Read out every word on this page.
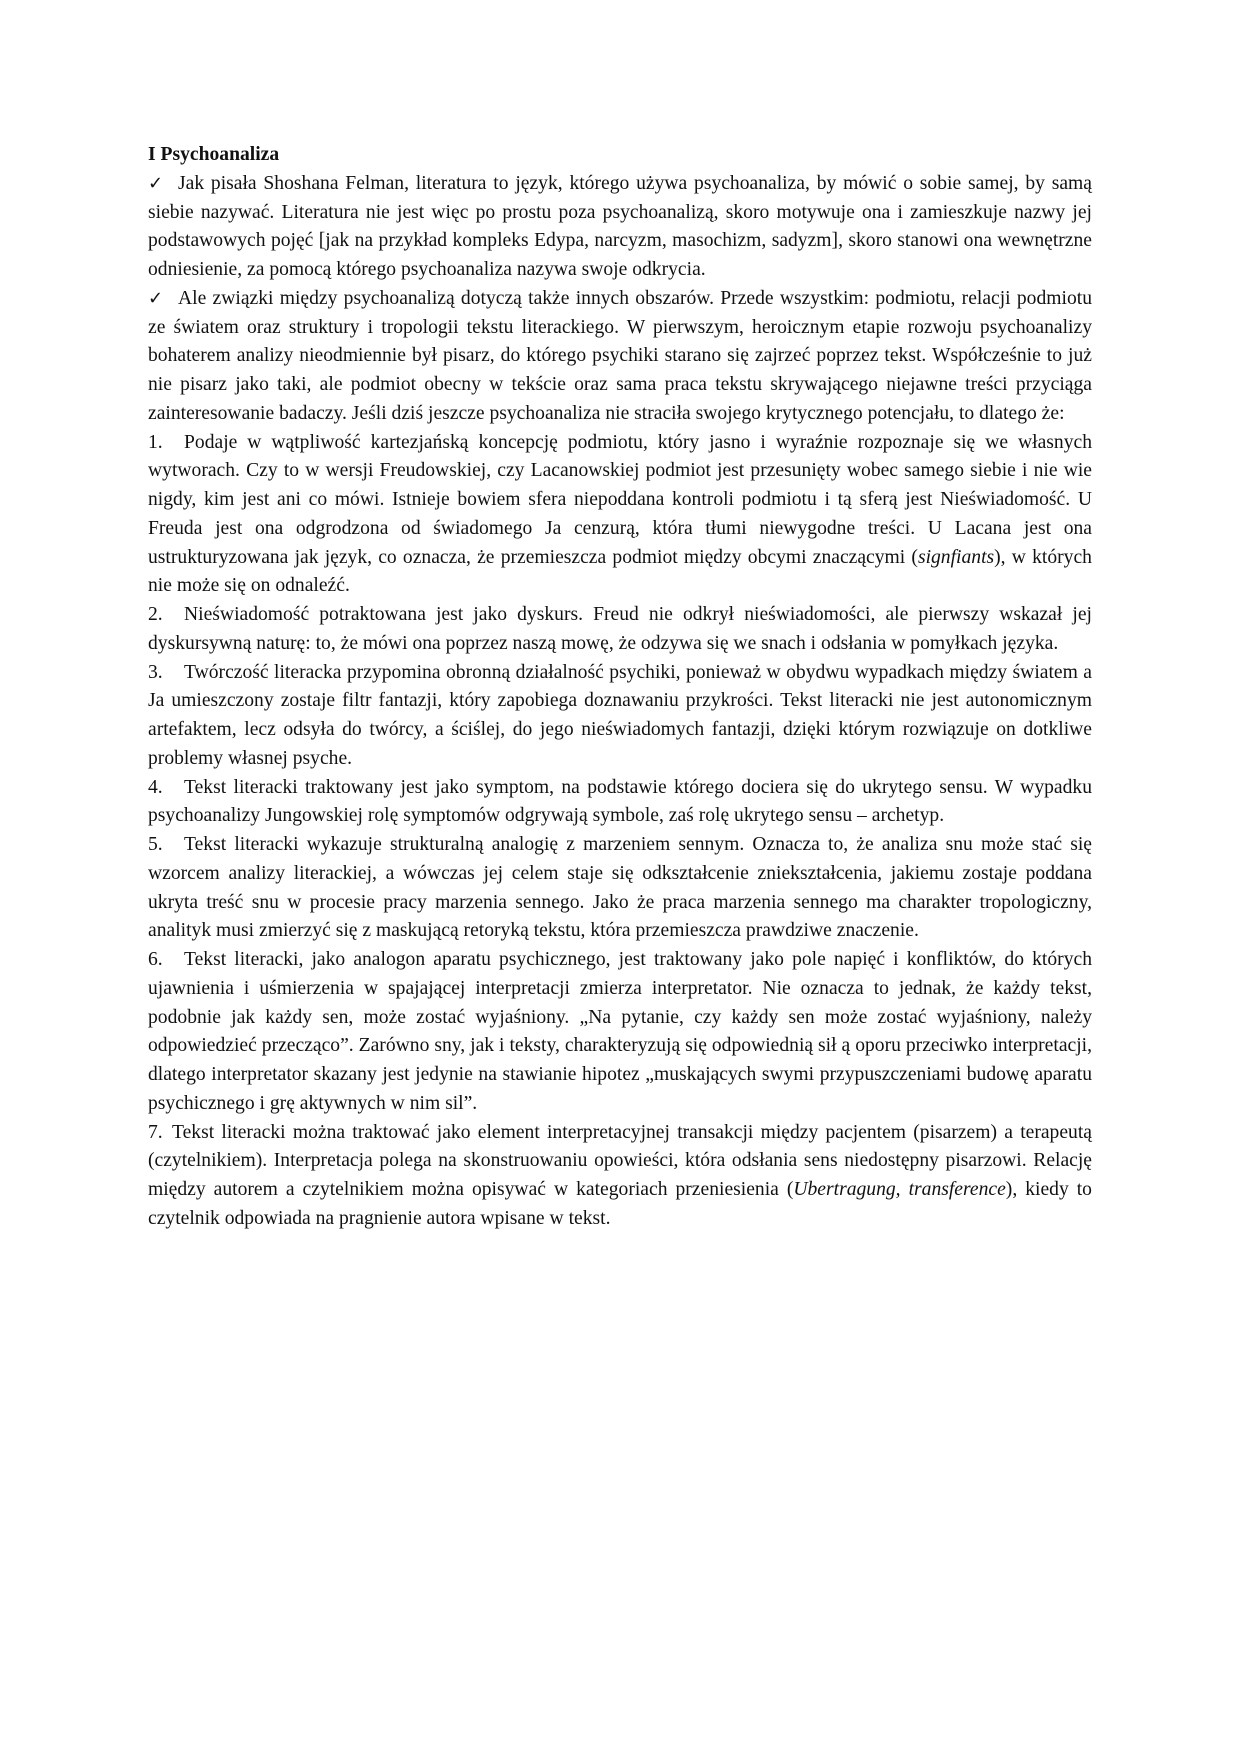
I Psychoanaliza

✓ Jak pisała Shoshana Felman, literatura to język, którego używa psychoanaliza, by mówić o sobie samej, by samą siebie nazywać. Literatura nie jest więc po prostu poza psychoanalizą, skoro motywuje ona i zamieszkuje nazwy jej podstawowych pojęć [jak na przykład kompleks Edypa, narcyzm, masochizm, sadyzm], skoro stanowi ona wewnętrzne odniesienie, za pomocą którego psychoanaliza nazywa swoje odkrycia.

✓ Ale związki między psychoanalizą dotyczą także innych obszarów. Przede wszystkim: podmiotu, relacji podmiotu ze światem oraz struktury i tropologii tekstu literackiego. W pierwszym, heroicznym etapie rozwoju psychoanalizy bohaterem analizy nieodmiennie był pisarz, do którego psychiki starano się zajrzeć poprzez tekst. Współcześnie to już nie pisarz jako taki, ale podmiot obecny w tekście oraz sama praca tekstu skrywającego niejawne treści przyciąga zainteresowanie badaczy. Jeśli dziś jeszcze psychoanaliza nie straciła swojego krytycznego potencjału, to dlatego że:

1. Podaje w wątpliwość kartezjańską koncepcję podmiotu, który jasno i wyraźnie rozpoznaje się we własnych wytworach. Czy to w wersji Freudowskiej, czy Lacanowskiej podmiot jest przesunięty wobec samego siebie i nie wie nigdy, kim jest ani co mówi. Istnieje bowiem sfera niepoddana kontroli podmiotu i tą sferą jest Nieświadomość. U Freuda jest ona odgrodzona od świadomego Ja cenzurą, która tłumi niewygodne treści. U Lacana jest ona ustrukturyzowana jak język, co oznacza, że przemieszcza podmiot między obcymi znaczącymi (signfiants), w których nie może się on odnaleźć.

2. Nieświadomość potraktowana jest jako dyskurs. Freud nie odkrył nieświadomości, ale pierwszy wskazał jej dyskursywną naturę: to, że mówi ona poprzez naszą mowę, że odzywa się we snach i odsłania w pomyłkach języka.

3. Twórczość literacka przypomina obronną działalność psychiki, ponieważ w obydwu wypadkach między światem a Ja umieszczony zostaje filtr fantazji, który zapobiega doznawaniu przykrości. Tekst literacki nie jest autonomicznym artefaktem, lecz odsyła do twórcy, a ściślej, do jego nieświadomych fantazji, dzięki którym rozwiązuje on dotkliwe problemy własnej psyche.

4. Tekst literacki traktowany jest jako symptom, na podstawie którego dociera się do ukrytego sensu. W wypadku psychoanalizy Jungowskiej rolę symptomów odgrywają symbole, zaś rolę ukrytego sensu – archetyp.

5. Tekst literacki wykazuje strukturalną analogię z marzeniem sennym. Oznacza to, że analiza snu może stać się wzorcem analizy literackiej, a wówczas jej celem staje się odkształcenie zniekształcenia, jakiemu zostaje poddana ukryta treść snu w procesie pracy marzenia sennego. Jako że praca marzenia sennego ma charakter tropologiczny, analityk musi zmierzyć się z maskującą retoryką tekstu, która przemieszcza prawdziwe znaczenie.

6. Tekst literacki, jako analogon aparatu psychicznego, jest traktowany jako pole napięć i konfliktów, do których ujawnienia i uśmierzenia w spajającej interpretacji zmierza interpretator. Nie oznacza to jednak, że każdy tekst, podobnie jak każdy sen, może zostać wyjaśniony. „Na pytanie, czy każdy sen może zostać wyjaśniony, należy odpowiedzieć przecząco”. Zarówno sny, jak i teksty, charakteryzują się odpowiednią sił ą oporu przeciwko interpretacji, dlatego interpretator skazany jest jedynie na stawianie hipotez „muskających swymi przypuszczeniami budowę aparatu psychicznego i grę aktywnych w nim sil”.

7. Tekst literacki można traktować jako element interpretacyjnej transakcji między pacjentem (pisarzem) a terapeutą (czytelnikiem). Interpretacja polega na skonstruowaniu opowieści, która odsłania sens niedostępny pisarzowi. Relację między autorem a czytelnikiem można opisywać w kategoriach przeniesienia (Ubertragung, transference), kiedy to czytelnik odpowiada na pragnienie autora wpisane w tekst.
